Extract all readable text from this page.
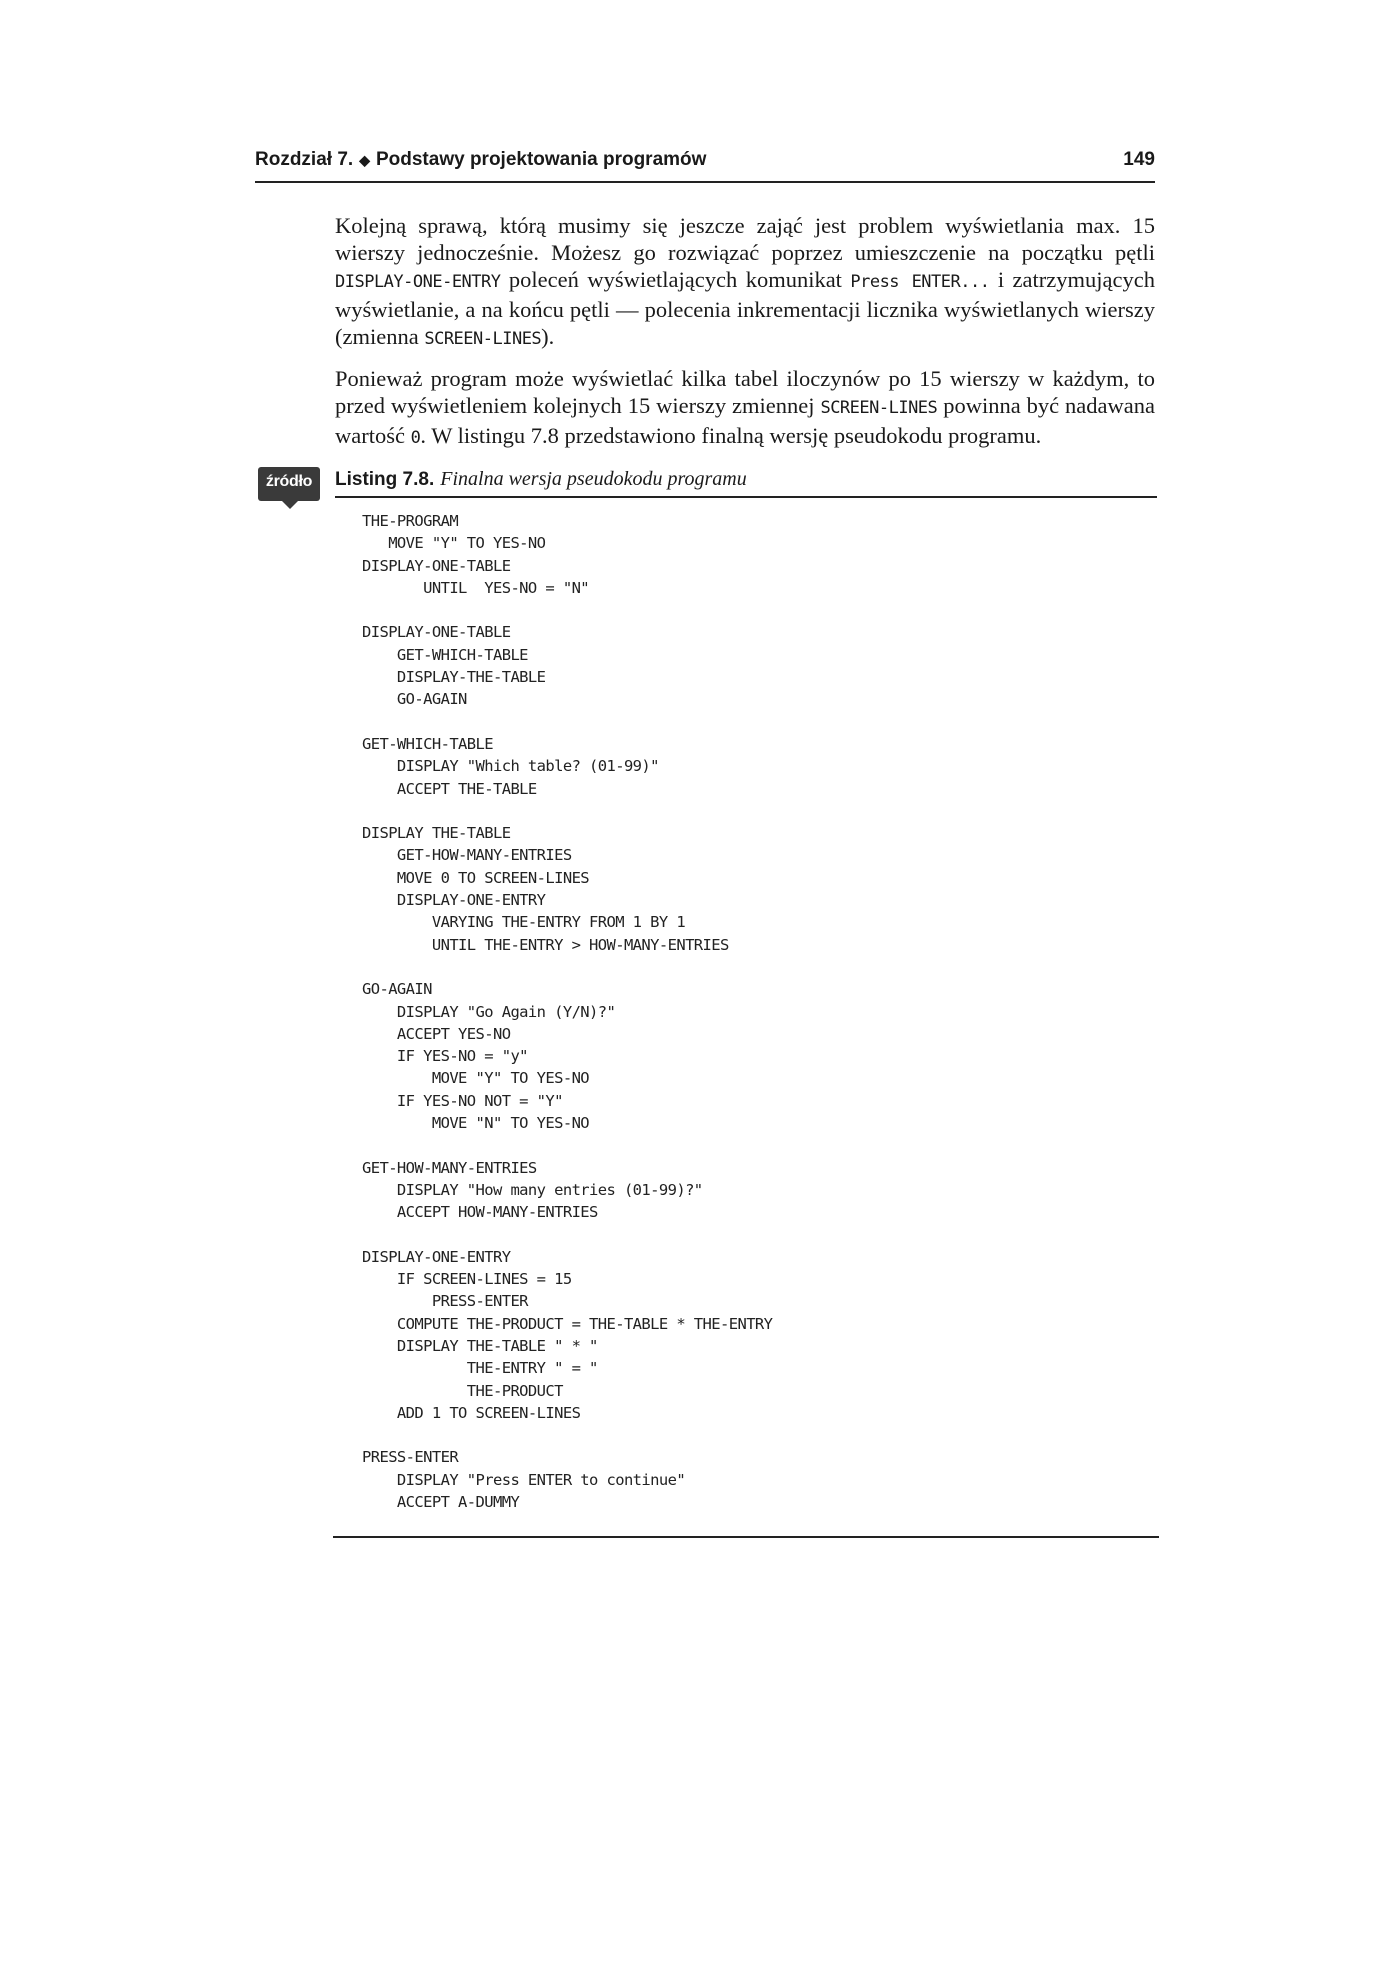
Rozdział 7. ◆ Podstawy projektowania programów	149

Kolejną sprawą, którą musimy się jeszcze zająć jest problem wyświetlania max. 15 wierszy jednocześnie. Możesz go rozwiązać poprzez umieszczenie na początku pętli DISPLAY-ONE-ENTRY poleceń wyświetlających komunikat Press ENTER... i zatrzymujących wyświetlanie, a na końcu pętli — polecenia inkrementacji licznika wyświetlanych wierszy (zmienna SCREEN-LINES).

Ponieważ program może wyświetlać kilka tabel iloczynów po 15 wierszy w każdym, to przed wyświetleniem kolejnych 15 wierszy zmiennej SCREEN-LINES powinna być nadawana wartość 0. W listingu 7.8 przedstawiono finalną wersję pseudokodu programu.

źródło	Listing 7.8. Finalna wersja pseudokodu programu
THE-PROGRAM
MOVE "Y" TO YES-NO
DISPLAY-ONE-TABLE
UNTIL  YES-NO = "N"

DISPLAY-ONE-TABLE
GET-WHICH-TABLE
DISPLAY-THE-TABLE
GO-AGAIN

GET-WHICH-TABLE
DISPLAY "Which table? (01-99)"
ACCEPT THE-TABLE

DISPLAY THE-TABLE
GET-HOW-MANY-ENTRIES
MOVE 0 TO SCREEN-LINES
DISPLAY-ONE-ENTRY
VARYING THE-ENTRY FROM 1 BY 1
UNTIL THE-ENTRY > HOW-MANY-ENTRIES

GO-AGAIN
DISPLAY "Go Again (Y/N)?"
ACCEPT YES-NO
IF YES-NO = "y"
MOVE "Y" TO YES-NO
IF YES-NO NOT = "Y"
MOVE "N" TO YES-NO

GET-HOW-MANY-ENTRIES
DISPLAY "How many entries (01-99)?"
ACCEPT HOW-MANY-ENTRIES

DISPLAY-ONE-ENTRY
IF SCREEN-LINES = 15
PRESS-ENTER
COMPUTE THE-PRODUCT = THE-TABLE * THE-ENTRY
DISPLAY THE-TABLE " * "
THE-ENTRY " = "
THE-PRODUCT
ADD 1 TO SCREEN-LINES

PRESS-ENTER
DISPLAY "Press ENTER to continue"
ACCEPT A-DUMMY
